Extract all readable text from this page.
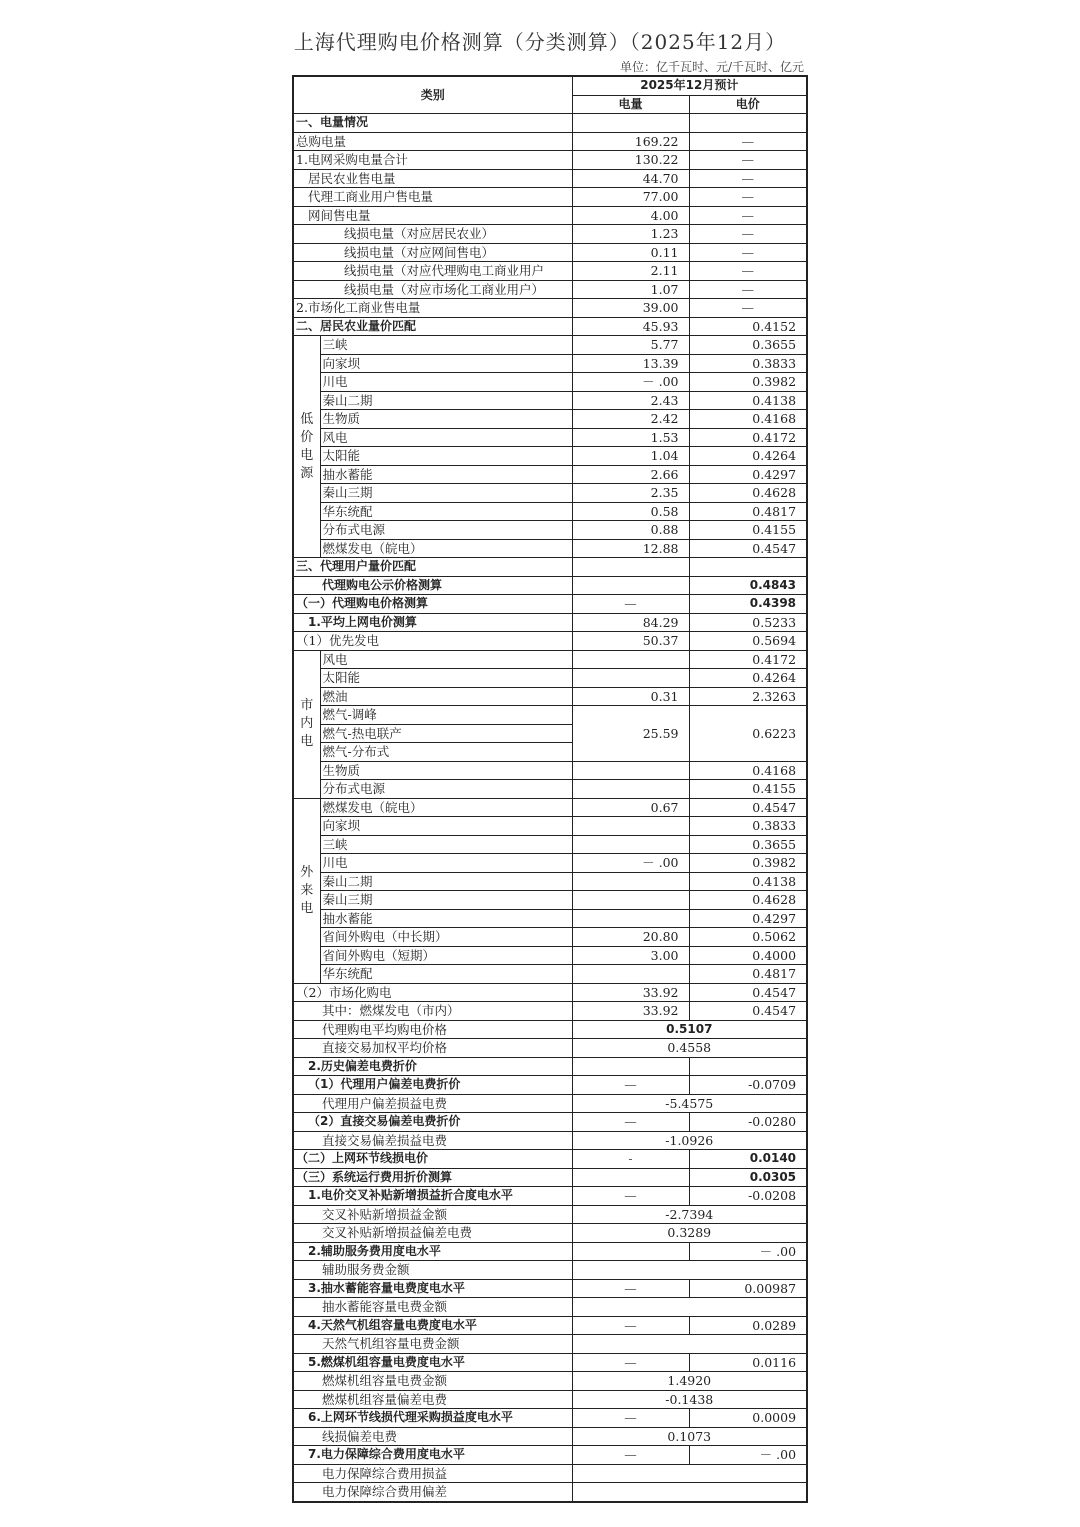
上海代理购电价格测算（分类测算）（2025年12月）
单位：亿千瓦时、元/千瓦时、亿元
类别		2025年12月预计	
		电量	电价
一、电量情况			
总购电量		169.22	—
1.电网采购电量合计		130.22	—
居民农业售电量		44.70	—
代理工商业用户售电量		77.00	—
网间售电量		4.00	—
线损电量（对应居民农业）		1.23	—
线损电量（对应网间售电）		0.11	—
线损电量（对应代理购电工商业用户		2.11	—
线损电量（对应市场化工商业用户）		1.07	—
2.市场化工商业售电量		39.00	—
二、居民农业量价匹配		45.93	0.4152
低价电源	三峡	5.77	0.3655
	向家坝	13.39	0.3833
	川电	－ .00	0.3982
	秦山二期	2.43	0.4138
	生物质	2.42	0.4168
	风电	1.53	0.4172
	太阳能	1.04	0.4264
	抽水蓄能	2.66	0.4297
	秦山三期	2.35	0.4628
	华东统配	0.58	0.4817
	分布式电源	0.88	0.4155
	燃煤发电（皖电）	12.88	0.4547
三、代理用户量价匹配			
代理购电公示价格测算			0.4843
（一）代理购电价格测算		—	0.4398
1.平均上网电价测算		84.29	0.5233
（1）优先发电		50.37	0.5694
市内电	风电		0.4172
	太阳能		0.4264
	燃油	0.31	2.3263
	燃气-调峰	25.59	0.6223
	燃气-热电联产		
	燃气-分布式		
	生物质		0.4168
	分布式电源		0.4155
外来电	燃煤发电（皖电）	0.67	0.4547
	向家坝		0.3833
	三峡		0.3655
	川电	－ .00	0.3982
	秦山二期		0.4138
	秦山三期		0.4628
	抽水蓄能		0.4297
	省间外购电（中长期）	20.80	0.5062
	省间外购电（短期）	3.00	0.4000
	华东统配		0.4817
（2）市场化购电		33.92	0.4547
其中：燃煤发电（市内）		33.92	0.4547
代理购电平均购电价格		0.5107	
直接交易加权平均价格		0.4558	
2.历史偏差电费折价			
（1）代理用户偏差电费折价		—	-0.0709
代理用户偏差损益电费		-5.4575	
（2）直接交易偏差电费折价		—	-0.0280
直接交易偏差损益电费		-1.0926	
（二）上网环节线损电价		-	0.0140
（三）系统运行费用折价测算			0.0305
1.电价交叉补贴新增损益折合度电水平		—	-0.0208
交叉补贴新增损益金额		-2.7394	
交叉补贴新增损益偏差电费		0.3289	
2.辅助服务费用度电水平			－ .00
辅助服务费金额			
3.抽水蓄能容量电费度电水平		—	0.00987
抽水蓄能容量电费金额			
4.天然气机组容量电费度电水平		—	0.0289
天然气机组容量电费金额			
5.燃煤机组容量电费度电水平		—	0.0116
燃煤机组容量电费金额		1.4920	
燃煤机组容量偏差电费		-0.1438	
6.上网环节线损代理采购损益度电水平		—	0.0009
线损偏差电费		0.1073	
7.电力保障综合费用度电水平		—	－ .00
电力保障综合费用损益			
电力保障综合费用偏差			
